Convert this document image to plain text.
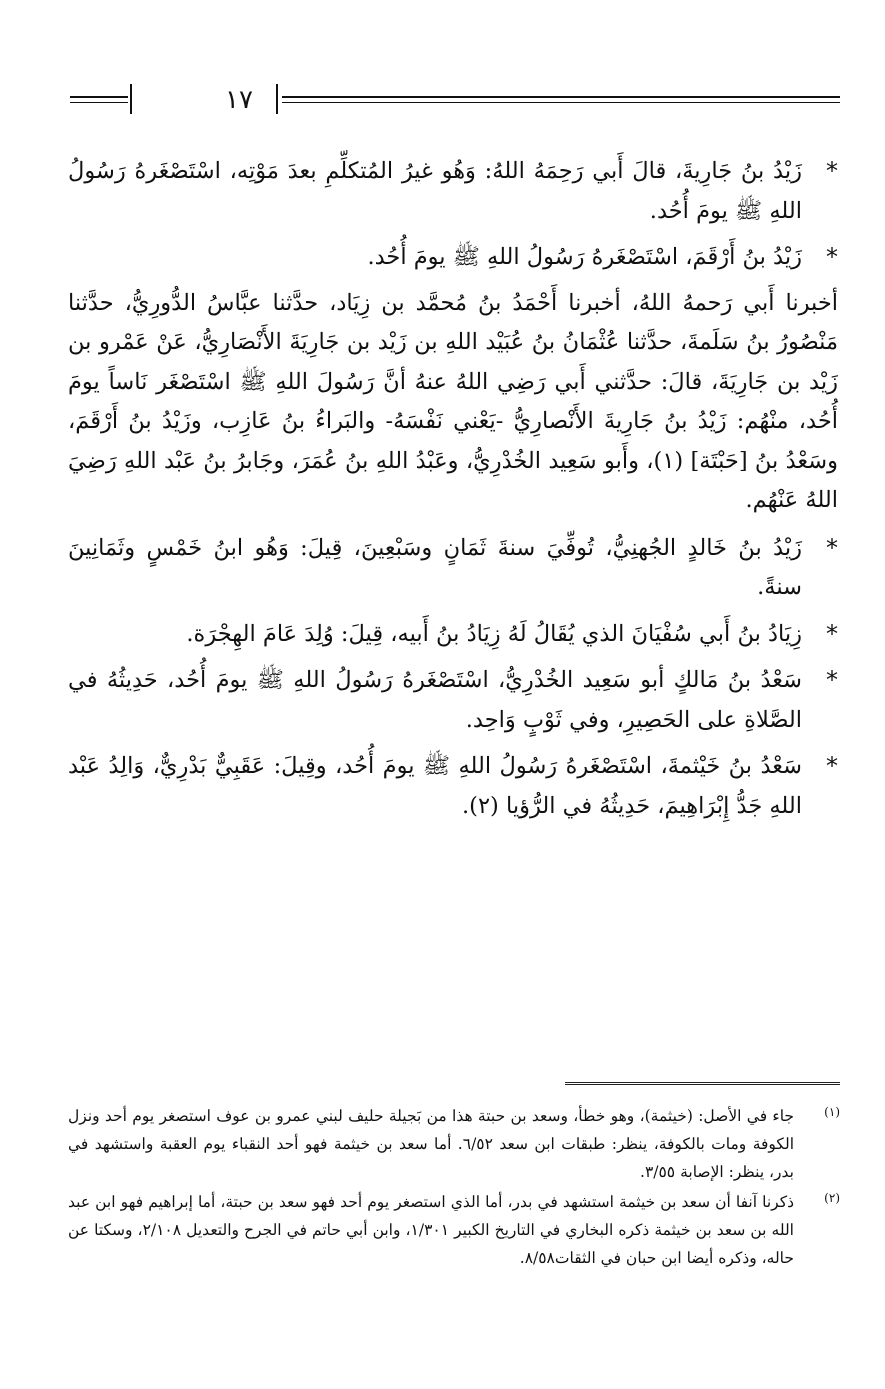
١٧

*
زَيْدُ بنُ جَارِيةَ، قالَ أَبي رَحِمَهُ اللهُ: وَهُو غيرُ المُتكلِّمِ بعدَ مَوْتِه، اسْتَصْغَرهُ رَسُولُ اللهِ ﷺ يومَ أُحُد.

*
زَيْدُ بنُ أَرْقَمَ، اسْتَصْغَرهُ رَسُولُ اللهِ ﷺ يومَ أُحُد.

أخبرنا أَبي رَحمهُ اللهُ، أخبرنا أَحْمَدُ بنُ مُحمَّد بن زِيَاد، حدَّثنا عبَّاسُ الدُّورِيُّ، حدَّثنا مَنْصُورُ بنُ سَلَمةَ، حدَّثنا عُثْمَانُ بنُ عُبَيْد اللهِ بن زَيْد بن جَارِيَةَ الأَنْصَارِيُّ، عَنْ عَمْرو بن زَيْد بن جَارِيَةَ، قالَ: حدَّثني أَبي رَضِي اللهُ عنهُ أنَّ رَسُولَ اللهِ ﷺ اسْتَصْغَر نَاساً يومَ أُحُد، منْهُم: زَيْدُ بنُ جَارِيةَ الأَنْصارِيُّ -يَعْني نَفْسَهُ- والبَراءُ بنُ عَازِب، وزَيْدُ بنُ أَرْقَمَ، وسَعْدُ بنُ [حَبْتَة] (١)، وأَبو سَعِيد الخُدْرِيُّ، وعَبْدُ اللهِ بنُ عُمَرَ، وجَابرُ بنُ عَبْد اللهِ رَضِيَ اللهُ عَنْهُم.

*
زَيْدُ بنُ خَالدٍ الجُهنِيُّ، تُوفِّيَ سنةَ ثَمَانٍ وسَبْعِينَ، قِيلَ: وَهُو ابنُ خَمْسٍ وثَمَانِينَ سنةً.

*
زِيَادُ بنُ أَبي سُفْيَانَ الذي يُقَالُ لَهُ زِيَادُ بنُ أَبيه، قِيلَ: وُلِدَ عَامَ الهِجْرَة.

*
سَعْدُ بنُ مَالكٍ أبو سَعِيد الخُدْرِيُّ، اسْتَصْغَرهُ رَسُولُ اللهِ ﷺ يومَ أُحُد، حَدِيثُهُ في الصَّلاةِ على الحَصِيرِ، وفي ثَوْبٍ وَاحِد.

*
سَعْدُ بنُ خَيْثمةَ، اسْتَصْغَرهُ رَسُولُ اللهِ ﷺ يومَ أُحُد، وقِيلَ: عَقَبِيٌّ بَدْرِيٌّ، وَالِدُ عَبْد اللهِ جَدُّ إِبْرَاهِيمَ، حَدِيثُهُ في الرُّؤيا (٢).

(١)
جاء في الأصل: (خيثمة)، وهو خطأ، وسعد بن حبتة هذا من بَجيلة حليف لبني عمرو بن عوف استصغر يوم أحد ونزل الكوفة ومات بالكوفة، ينظر: طبقات ابن سعد ٦/٥٢. أما سعد بن خيثمة فهو أحد النقباء يوم العقبة واستشهد في بدر، ينظر: الإصابة ٣/٥٥.

(٢)
ذكرنا آنفا أن سعد بن خيثمة استشهد في بدر، أما الذي استصغر يوم أحد فهو سعد بن حبتة، أما إبراهيم فهو ابن عبد الله بن سعد بن خيثمة ذكره البخاري في التاريخ الكبير ١/٣٠١، وابن أبي حاتم في الجرح والتعديل ٢/١٠٨، وسكتا عن حاله، وذكره أيضا ابن حبان في الثقات٨/٥٨.
